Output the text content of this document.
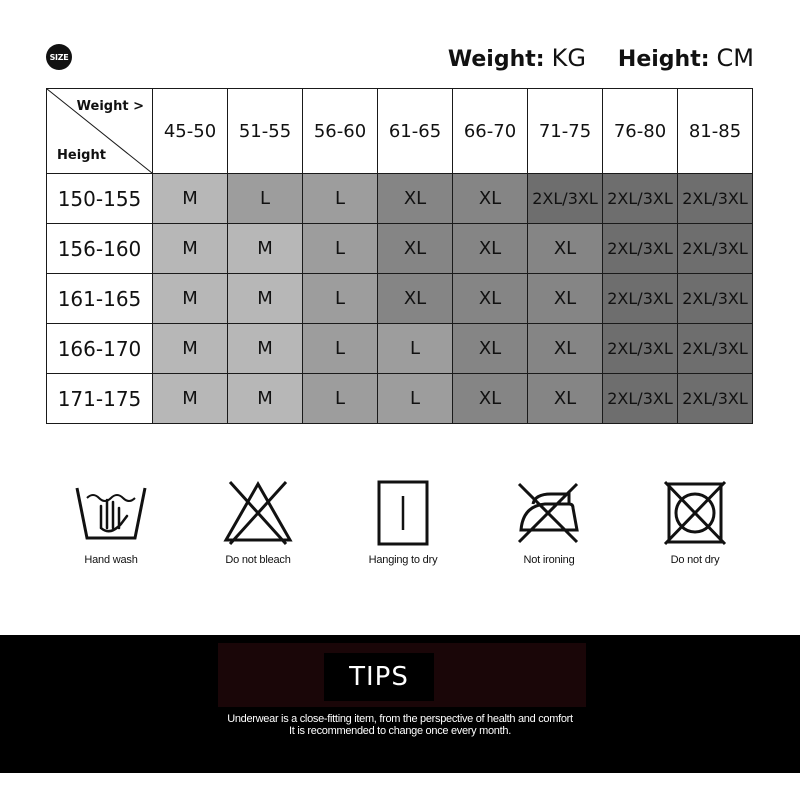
SIZE	Weight: KG Height: CM
Weight >
Height	45-50	51-55	56-60	61-65	66-70	71-75	76-80	81-85
150-155	M	L	L	XL	XL	2XL/3XL	2XL/3XL	2XL/3XL
156-160	M	M	L	XL	XL	XL	2XL/3XL	2XL/3XL
161-165	M	M	L	XL	XL	XL	2XL/3XL	2XL/3XL
166-170	M	M	L	L	XL	XL	2XL/3XL	2XL/3XL
171-175	M	M	L	L	XL	XL	2XL/3XL	2XL/3XL
Hand wash	Do not bleach	Hanging to dry	Not ironing	Do not dry
TIPS
Underwear is a close-fitting item, from the perspective of health and comfort
It is recommended to change once every month.
